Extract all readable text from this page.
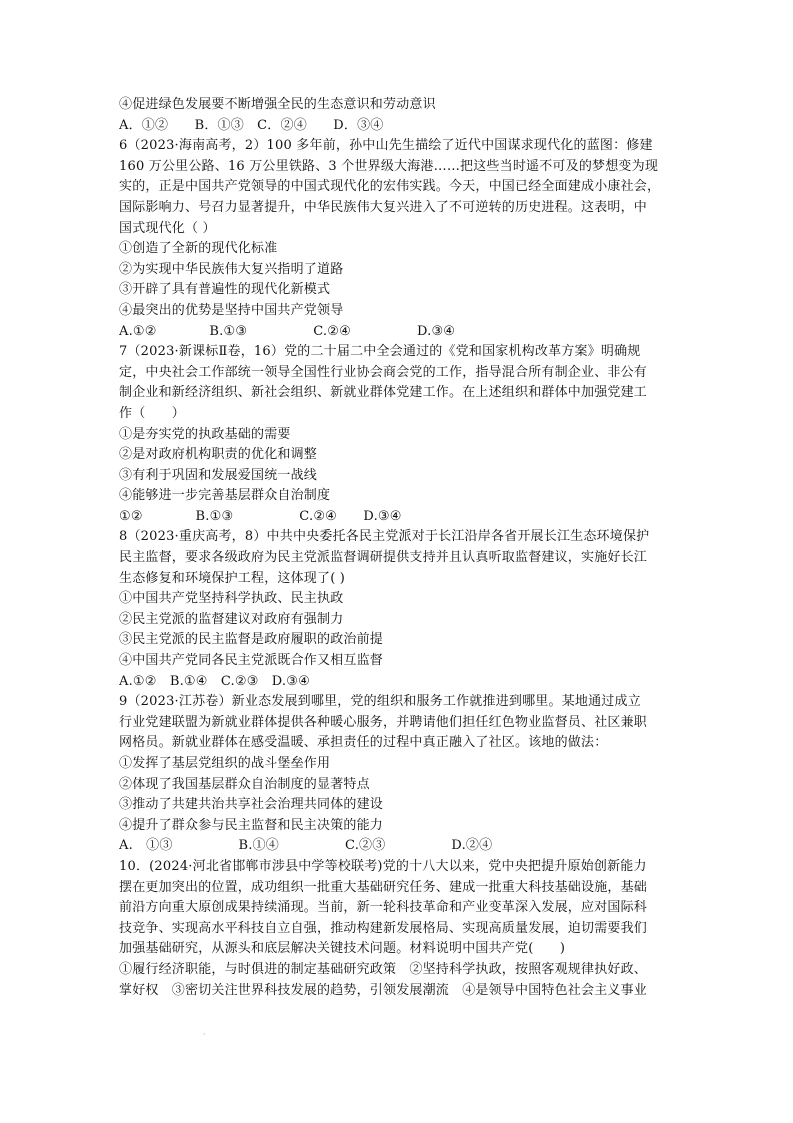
④促进绿色发展要不断增强全民的生态意识和劳动意识
A．①②　　B．①③　C．②④　　D．③④
6（2023·海南高考，2）100 多年前，孙中山先生描绘了近代中国谋求现代化的蓝图：修建
160 万公里公路、16 万公里铁路、3 个世界级大海港……把这些当时遥不可及的梦想变为现
实的，正是中国共产党领导的中国式现代化的宏伟实践。今天，中国已经全面建成小康社会，
国际影响力、号召力显著提升，中华民族伟大复兴进入了不可逆转的历史进程。这表明，中
国式现代化（ ）
①创造了全新的现代化标准
②为实现中华民族伟大复兴指明了道路
③开辟了具有普遍性的现代化新模式
④最突出的优势是坚持中国共产党领导
A.①②　　　　B.①③　　　　　C.②④　　　　　D.③④
7（2023·新课标Ⅱ卷，16）党的二十届二中全会通过的《党和国家机构改革方案》明确规
定，中央社会工作部统一领导全国性行业协会商会党的工作，指导混合所有制企业、非公有
制企业和新经济组织、新社会组织、新就业群体党建工作。在上述组织和群体中加强党建工
作（　　）
①是夯实党的执政基础的需要
②是对政府机构职责的优化和调整
③有利于巩固和发展爱国统一战线
④能够进一步完善基层群众自治制度
①②　　　　B.①③　　　　　C.②④　　D.③④
8（2023·重庆高考，8）中共中央委托各民主党派对于长江沿岸各省开展长江生态环境保护
民主监督，要求各级政府为民主党派监督调研提供支持并且认真听取监督建议，实施好长江
生态修复和环境保护工程，这体现了( )
①中国共产党坚持科学执政、民主执政
②民主党派的监督建议对政府有强制力
③民主党派的民主监督是政府履职的政治前提
④中国共产党同各民主党派既合作又相互监督
A.①②　B.①④　C.②③　D.③④
9（2023·江苏卷）新业态发展到哪里，党的组织和服务工作就推进到哪里。某地通过成立
行业党建联盟为新就业群体提供各种暖心服务，并聘请他们担任红色物业监督员、社区兼职
网格员。新就业群体在感受温暖、承担责任的过程中真正融入了社区。该地的做法：
①发挥了基层党组织的战斗堡垒作用
②体现了我国基层群众自治制度的显著特点
③推动了共建共治共享社会治理共同体的建设
④提升了群众参与民主监督和民主决策的能力
A.　①③　　　　　B.①④　　　　　C.②③　　　　　D.②④
10．(2024·河北省邯郸市涉县中学等校联考)党的十八大以来，党中央把提升原始创新能力
摆在更加突出的位置，成功组织一批重大基础研究任务、建成一批重大科技基础设施，基础
前沿方向重大原创成果持续涌现。当前，新一轮科技革命和产业变革深入发展，应对国际科
技竞争、实现高水平科技自立自强，推动构建新发展格局、实现高质量发展，迫切需要我们
加强基础研究，从源头和底层解决关键技术问题。材料说明中国共产党(　　)
①履行经济职能，与时俱进的制定基础研究政策　②坚持科学执政，按照客观规律执好政、
掌好权　③密切关注世界科技发展的趋势，引领发展潮流　④是领导中国特色社会主义事业
·
